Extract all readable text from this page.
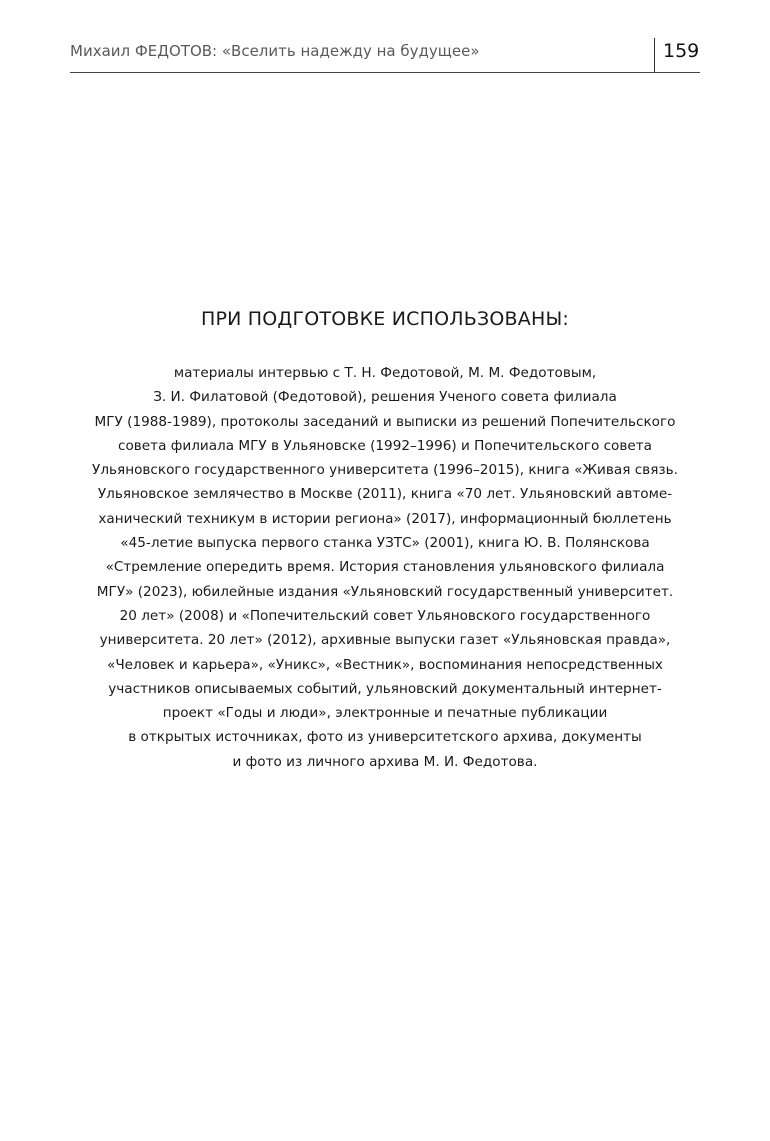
Михаил ФЕДОТОВ: «Вселить надежду на будущее»	159
ПРИ ПОДГОТОВКЕ ИСПОЛЬЗОВАНЫ:
материалы интервью с Т. Н. Федотовой, М. М. Федотовым,
З. И. Филатовой (Федотовой), решения Ученого совета филиала
МГУ (1988-1989), протоколы заседаний и выписки из решений Попечительского
совета филиала МГУ в Ульяновске (1992–1996) и Попечительского совета
Ульяновского государственного университета (1996–2015), книга «Живая связь.
Ульяновское землячество в Москве (2011), книга «70 лет. Ульяновский автоме-
ханический техникум в истории региона» (2017), информационный бюллетень
«45-летие выпуска первого станка УЗТС» (2001), книга Ю. В. Полянскова
«Стремление опередить время. История становления ульяновского филиала
МГУ» (2023), юбилейные издания «Ульяновский государственный университет.
20 лет» (2008) и «Попечительский совет Ульяновского государственного
университета. 20 лет» (2012), архивные выпуски газет «Ульяновская правда»,
«Человек и карьера», «Уникс», «Вестник», воспоминания непосредственных
участников описываемых событий, ульяновский документальный интернет-
проект «Годы и люди», электронные и печатные публикации
в открытых источниках, фото из университетского архива, документы
и фото из личного архива М. И. Федотова.
